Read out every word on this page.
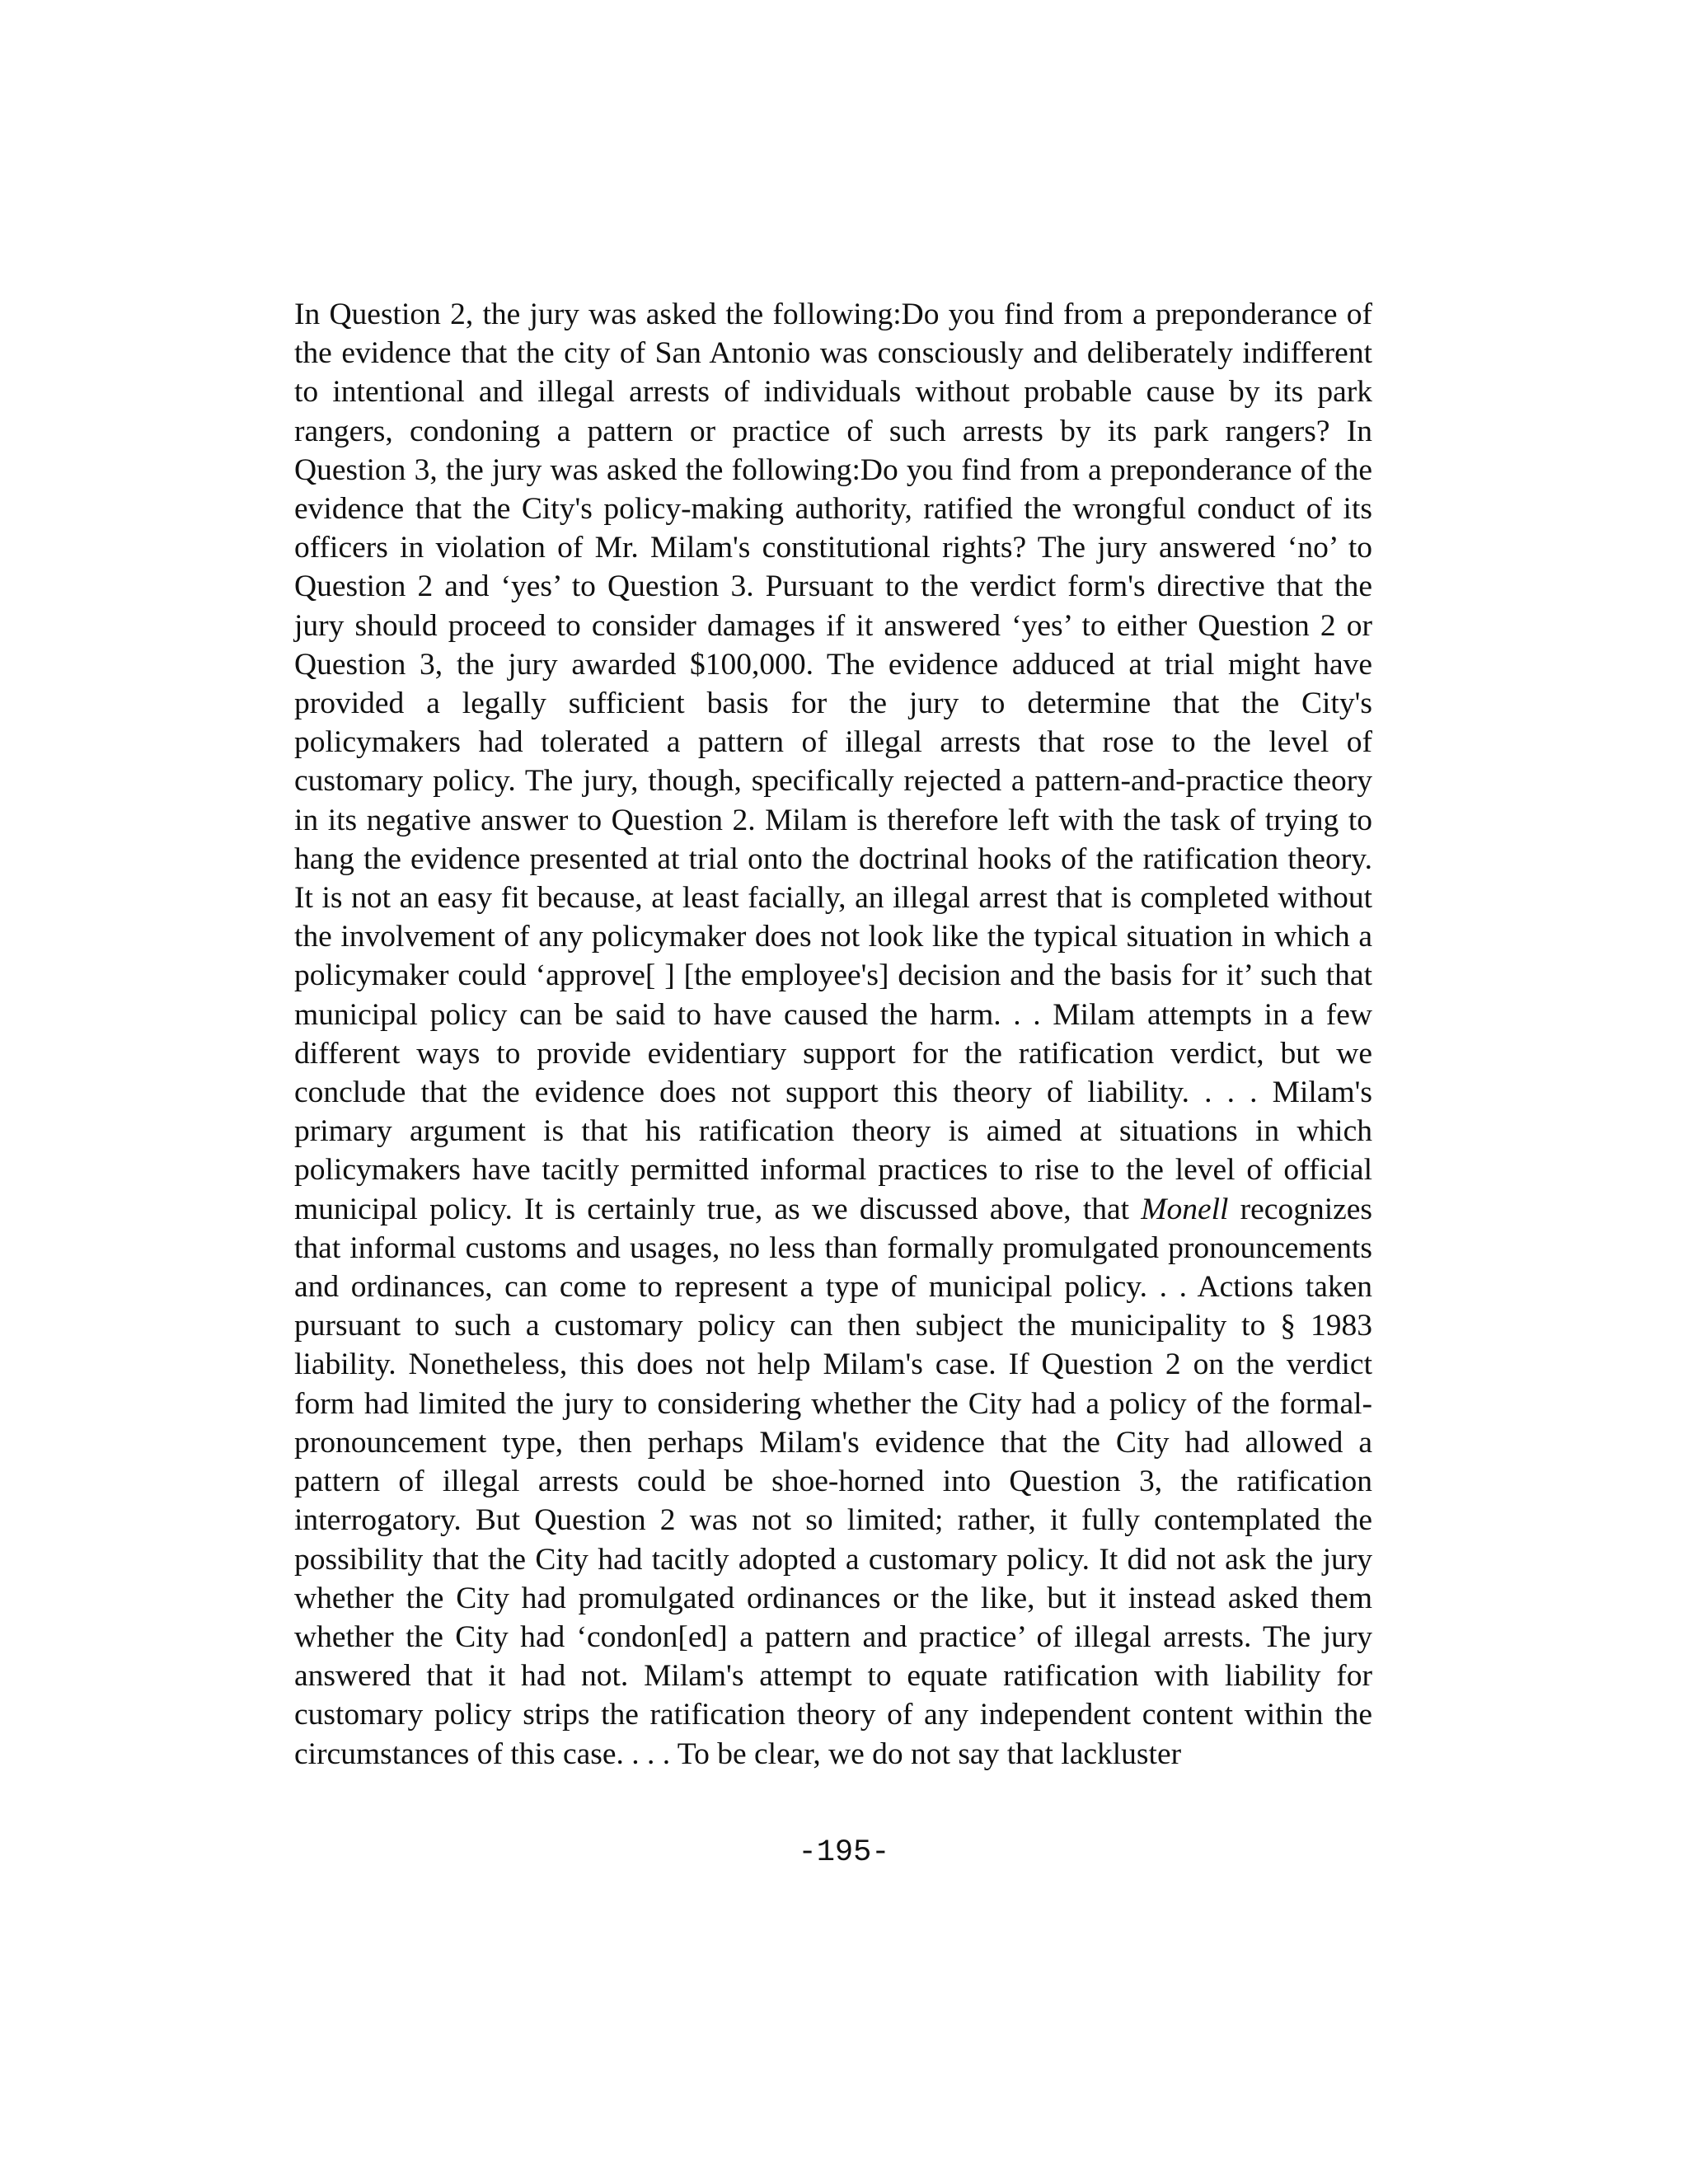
In Question 2, the jury was asked the following:Do you find from a preponderance of the evidence that the city of San Antonio was consciously and deliberately indifferent to intentional and illegal arrests of individuals without probable cause by its park rangers, condoning a pattern or practice of such arrests by its park rangers? In Question 3, the jury was asked the following:Do you find from a preponderance of the evidence that the City's policy-making authority, ratified the wrongful conduct of its officers in violation of Mr. Milam's constitutional rights? The jury answered ‘no’ to Question 2 and ‘yes’ to Question 3. Pursuant to the verdict form's directive that the jury should proceed to consider damages if it answered ‘yes’ to either Question 2 or Question 3, the jury awarded $100,000. The evidence adduced at trial might have provided a legally sufficient basis for the jury to determine that the City's policymakers had tolerated a pattern of illegal arrests that rose to the level of customary policy. The jury, though, specifically rejected a pattern-and-practice theory in its negative answer to Question 2. Milam is therefore left with the task of trying to hang the evidence presented at trial onto the doctrinal hooks of the ratification theory. It is not an easy fit because, at least facially, an illegal arrest that is completed without the involvement of any policymaker does not look like the typical situation in which a policymaker could ‘approve[ ] [the employee's] decision and the basis for it’ such that municipal policy can be said to have caused the harm. . . Milam attempts in a few different ways to provide evidentiary support for the ratification verdict, but we conclude that the evidence does not support this theory of liability. . . . Milam's primary argument is that his ratification theory is aimed at situations in which policymakers have tacitly permitted informal practices to rise to the level of official municipal policy. It is certainly true, as we discussed above, that Monell recognizes that informal customs and usages, no less than formally promulgated pronouncements and ordinances, can come to represent a type of municipal policy. . . Actions taken pursuant to such a customary policy can then subject the municipality to § 1983 liability. Nonetheless, this does not help Milam's case. If Question 2 on the verdict form had limited the jury to considering whether the City had a policy of the formal-pronouncement type, then perhaps Milam's evidence that the City had allowed a pattern of illegal arrests could be shoe-horned into Question 3, the ratification interrogatory. But Question 2 was not so limited; rather, it fully contemplated the possibility that the City had tacitly adopted a customary policy. It did not ask the jury whether the City had promulgated ordinances or the like, but it instead asked them whether the City had ‘condon[ed] a pattern and practice’ of illegal arrests. The jury answered that it had not. Milam's attempt to equate ratification with liability for customary policy strips the ratification theory of any independent content within the circumstances of this case. . . . To be clear, we do not say that lackluster

-195-
